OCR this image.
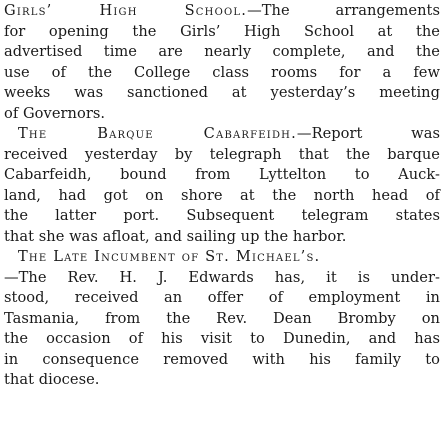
Girls’ High School.—The arrangements
for opening the Girls’ High School at the
advertised time are nearly complete, and the
use of the College class rooms for a few
weeks was sanctioned at yesterday’s meeting
of Governors.

The Barque Cabarfeidh.—Report was
received yesterday by telegraph that the barque
Cabarfeidh, bound from Lyttelton to Auck-
land, had got on shore at the north head of
the latter port. Subsequent telegram states
that she was afloat, and sailing up the harbor.

The Late Incumbent of St. Michael’s.
—The Rev. H. J. Edwards has, it is under-
stood, received an offer of employment in
Tasmania, from the Rev. Dean Bromby on
the occasion of his visit to Dunedin, and has
in consequence removed with his family to
that diocese.
